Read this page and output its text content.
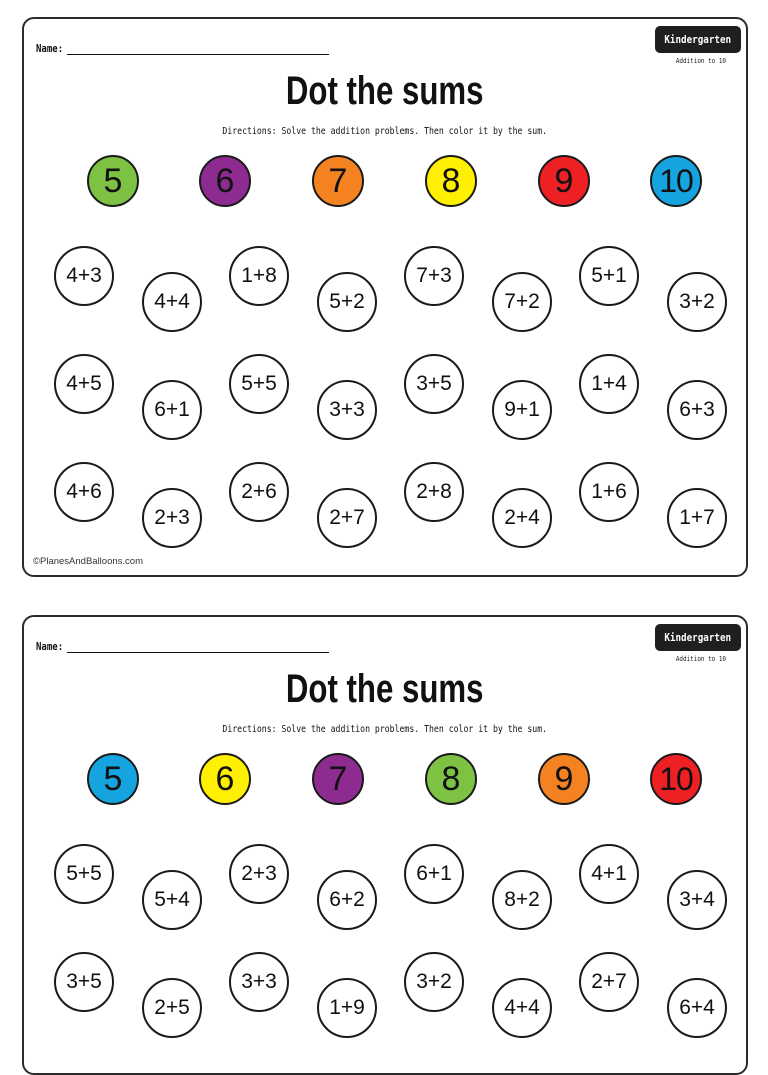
Name:
Kindergarten
Addition to 10
Dot the sums
Directions: Solve the addition problems. Then color it by the sum.
5	6	7	8	9	10
4+3
4+4
1+8
5+2
7+3
7+2
5+1
3+2
4+5
6+1
5+5
3+3
3+5
9+1
1+4
6+3
4+6
2+3
2+6
2+7
2+8
2+4
1+6
1+7
©PlanesAndBalloons.com
Name:
Kindergarten
Addition to 10
Dot the sums
Directions: Solve the addition problems. Then color it by the sum.
5	6	7	8	9	10
5+5
5+4
2+3
6+2
6+1
8+2
4+1
3+4
3+5
2+5
3+3
1+9
3+2
4+4
2+7
6+4
